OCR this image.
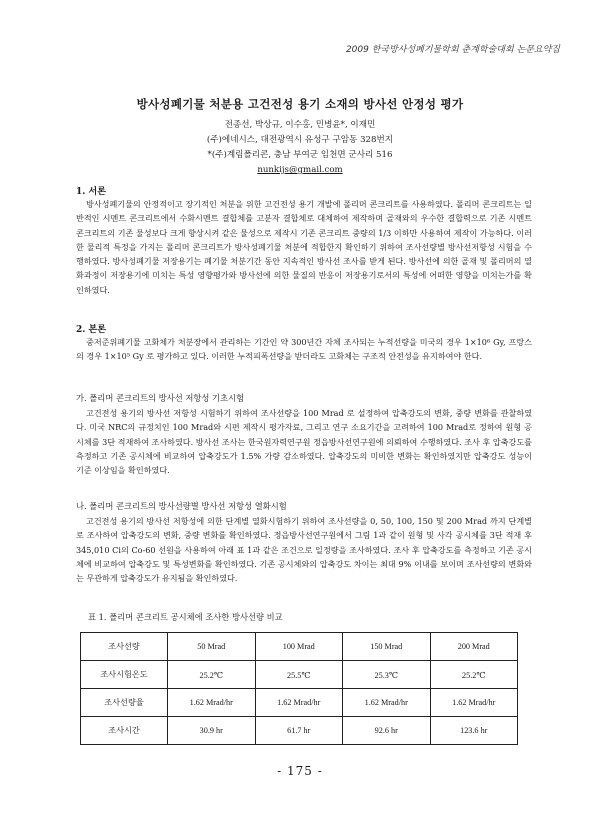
2009 한국방사성폐기물학회 춘계학술대회 논문요약집
방사성폐기물 처분용 고건전성 용기 소재의 방사선 안정성 평가
전종선, 박상규, 이수홍, 민병윤*, 이재민
(주)에네시스, 대전광역시 유성구 구암동 328번지
*(주)계림폴리콘, 충남 부여군 임천면 군사리 516
nunkijs@gmail.com
1. 서론
방사성폐기물의 안정적이고 장기적인 처분을 위한 고건전성 용기 개발에 폴리머 콘크리트를 사용하였다. 폴리머 콘크리트는 일반적인 시멘트 콘크리트에서 수화시멘트 결합체를 고분자 결합체로 대체하여 제작하며 골재와의 우수한 결합력으로 기존 시멘트 콘크리트의 기존 물성보다 크게 향상시켜 같은 물성으로 제작시 기존 콘크리트 중량의 1/3 이하만 사용하여 제작이 가능하다. 이러한 물리적 특정을 가지는 폴리머 콘크리트가 방사성폐기물 처분에 적합한지 확인하기 위하여 조사선량별 방사선저항성 시험을 수행하였다. 방사성폐기물 저장용기는 폐기물 처분기간 동안 지속적인 방사선 조사를 받게 된다. 방사선에 의한 골재 및 폴리머의 열화과정이 저장용기에 미치는 특성 영향평가와 방사선에 의한 물질의 반응이 저장용기로서의 특성에 어떠한 영향을 미치는가를 확인하였다.
2. 본론
중저준위폐기물 고화체가 처분장에서 관리하는 기간인 약 300년간 자체 조사되는 누적선량을 미국의 경우 1×10⁶ Gy, 프랑스의 경우 1×10⁵ Gy 로 평가하고 있다. 이러한 누적피폭선량을 받더라도 고화체는 구조적 안전성을 유지하여야 한다.
가. 폴리머 콘크리트의 방사선 저항성 기초시험
고건전성 용기의 방사선 저항성 시험하기 위하여 조사선량을 100 Mrad 로 설정하여 압축강도의 변화, 중량 변화를 관찰하였다. 미국 NRC의 규정치인 100 Mrad와 시편 제작시 평가자료, 그리고 연구 소요기간을 고려하여 100 Mrad로 정하여 원형 공시체를 3단 적재하여 조사하였다. 방사선 조사는 한국원자력연구원 정읍방사선연구원에 의뢰하여 수행하였다. 조사 후 압축강도를 측정하고 기존 공시체에 비교하여 압축강도가 1.5% 가량 감소하였다. 압축강도의 미비한 변화는 확인하였지만 압축강도 성능이 기준 이상임을 확인하였다.
나. 폴리머 콘크리트의 방사선량별 방사선 저항성 열화시험
고건전성 용기의 방사선 저항성에 의한 단계별 열화시험하기 위하여 조사선량을 0, 50, 100, 150 및 200 Mrad 까지 단계별로 조사하여 압축강도의 변화, 중량 변화를 확인하였다. 정읍방사선연구원에서 그림 1과 같이 원형 및 사각 공시체를 3단 적재 후 345,010 Ci의 Co-60 선원을 사용하여 아래 표 1과 같은 조건으로 일정량을 조사하였다. 조사 후 압축강도를 측정하고 기존 공시체에 비교하여 압축강도 및 특성변화를 확인하였다. 기존 공시체와의 압축강도 차이는 최대 9% 이내를 보이며 조사선량의 변화와는 무관하게 압축강도가 유지됨을 확인하였다.
표 1. 폴리머 콘크리트 공시체에 조사한 방사선량 비교
조사선량	50 Mrad	100 Mrad	150 Mrad	200 Mrad
조사시험온도	25.2℃	25.5℃	25.3℃	25.2℃
조사선량율	1.62 Mrad/hr	1.62 Mrad/hr	1.62 Mrad/hr	1.62 Mrad/hr
조사시간	30.9 hr	61.7 hr	92.6 hr	123.6 hr
- 175 -
